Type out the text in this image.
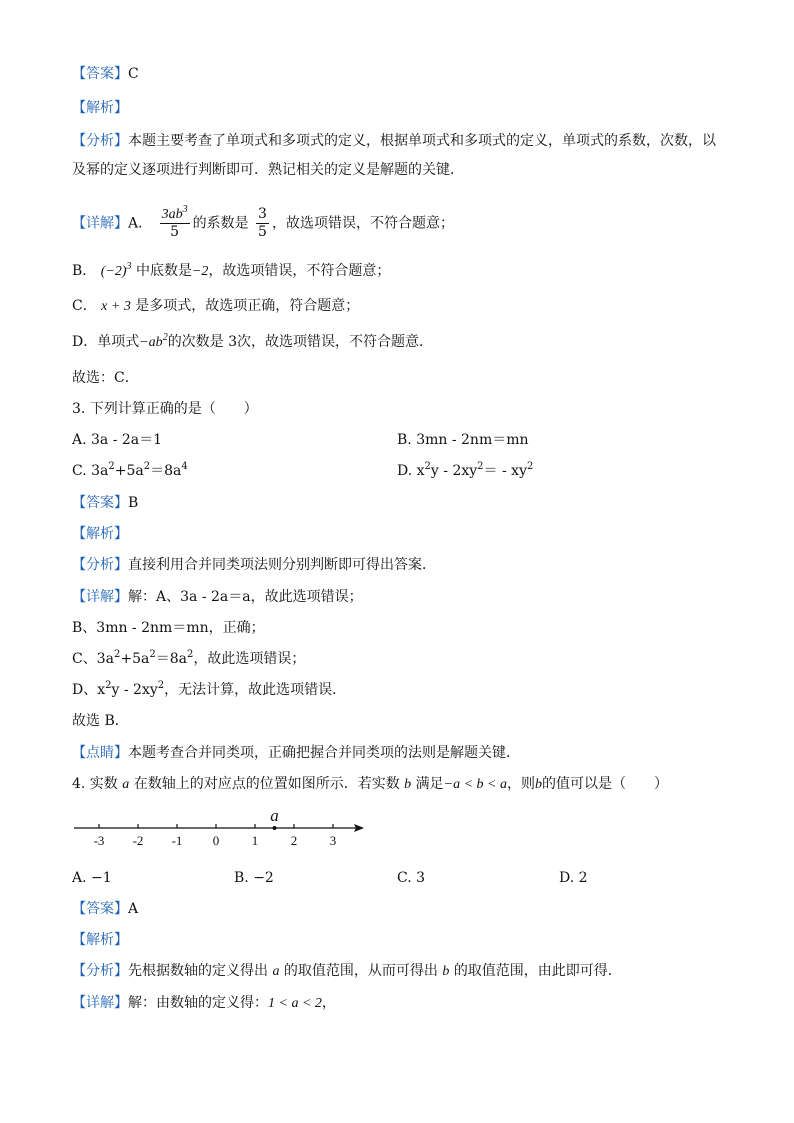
【答案】C
【解析】
【分析】本题主要考查了单项式和多项式的定义，根据单项式和多项式的定义，单项式的系数，次数，以
及幂的定义逐项进行判断即可．熟记相关的定义是解题的关键．
【详解】A． $\frac{3ab^3}{5}$ 的系数是 $\frac{3}{5}$ ，故选项错误，不符合题意；
B． $(-2)^3$ 中底数是−2，故选项错误，不符合题意；
C． x + 3 是多项式，故选项正确，符合题意；
D．单项式$-ab^2$的次数是 3次，故选项错误，不符合题意．
故选：C．
3. 下列计算正确的是（　　）
A. 3a - 2a＝1	B. 3mn - 2nm＝mn
C. $3a^2+5a^2=8a^4$	D. $x^2y - 2xy^2= - xy^2$
【答案】B
【解析】
【分析】直接利用合并同类项法则分别判断即可得出答案．
【详解】解：A、3a - 2a＝a，故此选项错误；
B、3mn - 2nm＝mn，正确；
C、$3a^2+5a^2=8a^2$，故此选项错误；
D、$x^2y - 2xy^2$，无法计算，故此选项错误．
故选 B．
【点睛】本题考查合并同类项，正确把握合并同类项的法则是解题关键．
4. 实数 a 在数轴上的对应点的位置如图所示．若实数 b 满足−a < b < a，则b的值可以是（　　）
-3 -2 -1 0	1	2	3
a
A. −1	B. −2	C. 3	D. 2
【答案】A
【解析】
【分析】先根据数轴的定义得出 a 的取值范围，从而可得出 b 的取值范围，由此即可得．
【详解】解：由数轴的定义得：1 < a < 2，
